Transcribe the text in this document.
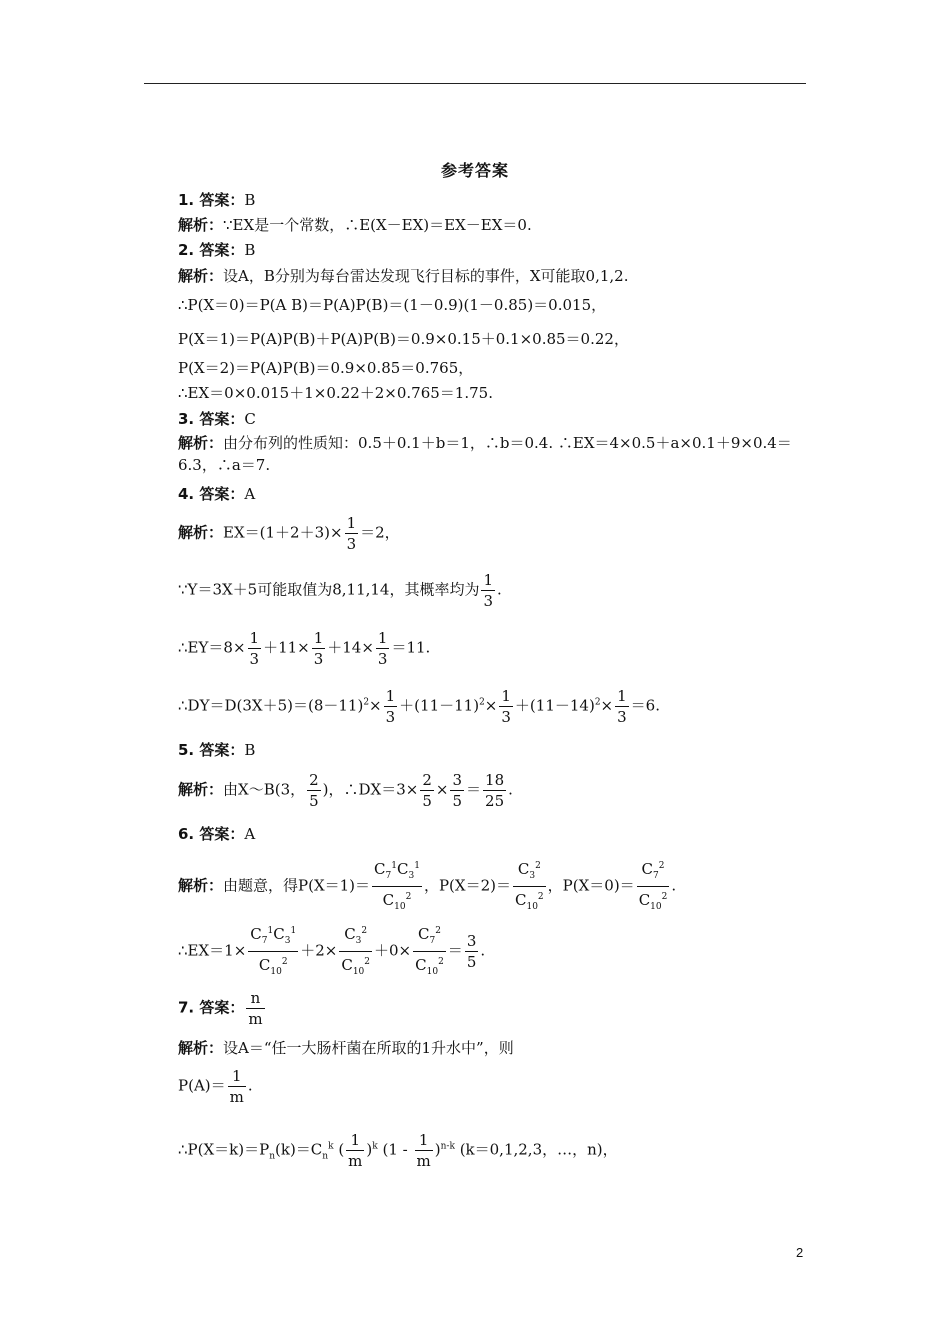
参考答案
1. 答案：B
解析：∵EX是一个常数，∴E(X－EX)＝EX－EX＝0.
2. 答案：B
解析：设A，B分别为每台雷达发现飞行目标的事件，X可能取0,1,2.
∴P(X＝0)＝P(A B)＝P(A)P(B)＝(1－0.9)(1－0.85)＝0.015，
P(X＝1)＝P(A)P(B)＋P(A)P(B)＝0.9×0.15＋0.1×0.85＝0.22，
P(X＝2)＝P(A)P(B)＝0.9×0.85＝0.765，
∴EX＝0×0.015＋1×0.22＋2×0.765＝1.75.
3. 答案：C
解析：由分布列的性质知：0.5＋0.1＋b＝1，∴b＝0.4. ∴EX＝4×0.5＋a×0.1＋9×0.4＝6.3，∴a＝7.
4. 答案：A
解析：$EX=(1+2+3)\times \frac{1}{3} =2$，
∵Y＝3X＋5可能取值为8,11,14，其概率均为 $\frac{1}{3}$ .
∴EY＝8× $\frac{1}{3} +11\times \frac{1}{3} +14\times \frac{1}{3} =11$.
$\therefore DY=D(3X+5)=(8-11)^2\times \frac{1}{3} +(11-11)^2\times \frac{1}{3} +(11-14)^2\times \frac{1}{3} =6$.
5. 答案：B
解析：由X～B(3， $\frac{2}{5}$ )，∴DX＝3× $\frac{2}{5} \times \frac{3}{5} = \frac{18}{25}$ .
6. 答案：A
解析：由题意，得$P(X=1)= \frac{C_7^1C_3^1}{C_{10}^2}$ ，$P(X=2)= \frac{C_3^2}{C_{10}^2}$ ，$P(X=0)= \frac{C_7^2}{C_{10}^2}$ .
∴EX＝1× $\frac{C_7^1C_3^1}{C_{10}^2} +2\times \frac{C_3^2}{C_{10}^2} +0\times \frac{C_7^2}{C_{10}^2} = \frac{3}{5}$ .
7. 答案： $\frac{n}{m}$
解析：设A＝“任一大肠杆菌在所取的1升水中”，则
$P(A)= \frac{1}{m}$ .
$\therefore P(X=k)=P_n(k)=C_n^k$ ( $\frac{1}{m} )^k$ $(1 - \frac{1}{m} )^{n-k}$ (k＝0,1,2,3，…，n)，
2
